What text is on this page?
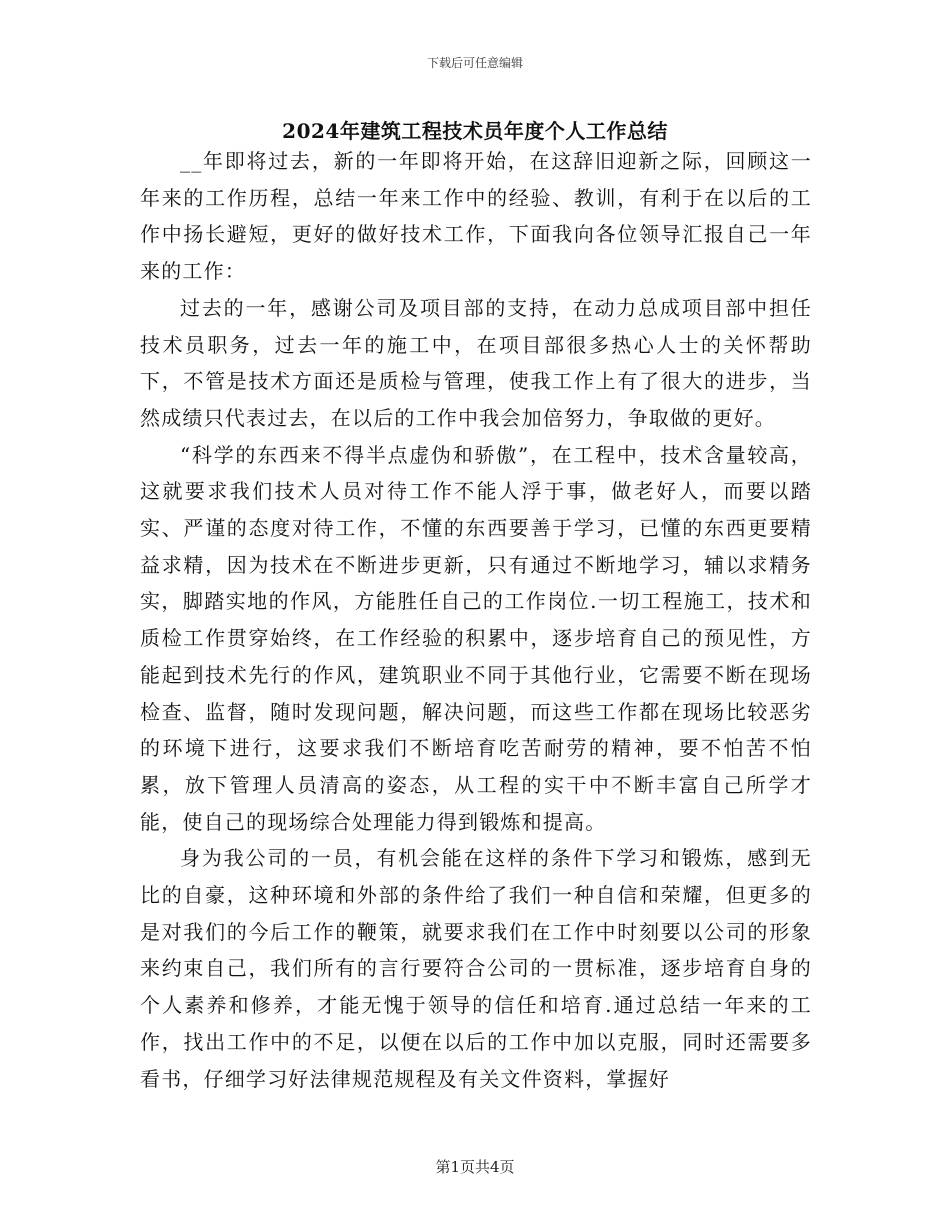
下载后可任意编辑
2024年建筑工程技术员年度个人工作总结

__年即将过去，新的一年即将开始，在这辞旧迎新之际，回顾这一年来的工作历程，总结一年来工作中的经验、教训，有利于在以后的工作中扬长避短，更好的做好技术工作，下面我向各位领导汇报自己一年来的工作：

过去的一年，感谢公司及项目部的支持，在动力总成项目部中担任技术员职务，过去一年的施工中，在项目部很多热心人士的关怀帮助下，不管是技术方面还是质检与管理，使我工作上有了很大的进步，当然成绩只代表过去，在以后的工作中我会加倍努力，争取做的更好。

“科学的东西来不得半点虚伪和骄傲”，在工程中，技术含量较高，这就要求我们技术人员对待工作不能人浮于事，做老好人，而要以踏实、严谨的态度对待工作，不懂的东西要善于学习，已懂的东西更要精益求精，因为技术在不断进步更新，只有通过不断地学习，辅以求精务实，脚踏实地的作风，方能胜任自己的工作岗位.一切工程施工，技术和质检工作贯穿始终，在工作经验的积累中，逐步培育自己的预见性，方能起到技术先行的作风，建筑职业不同于其他行业，它需要不断在现场检查、监督，随时发现问题，解决问题，而这些工作都在现场比较恶劣的环境下进行，这要求我们不断培育吃苦耐劳的精神，要不怕苦不怕累，放下管理人员清高的姿态，从工程的实干中不断丰富自己所学才能，使自己的现场综合处理能力得到锻炼和提高。

身为我公司的一员，有机会能在这样的条件下学习和锻炼，感到无比的自豪，这种环境和外部的条件给了我们一种自信和荣耀，但更多的是对我们的今后工作的鞭策，就要求我们在工作中时刻要以公司的形象来约束自己，我们所有的言行要符合公司的一贯标准，逐步培育自身的个人素养和修养，才能无愧于领导的信任和培育.通过总结一年来的工作，找出工作中的不足，以便在以后的工作中加以克服，同时还需要多看书，仔细学习好法律规范规程及有关文件资料，掌握好

第1页共4页
